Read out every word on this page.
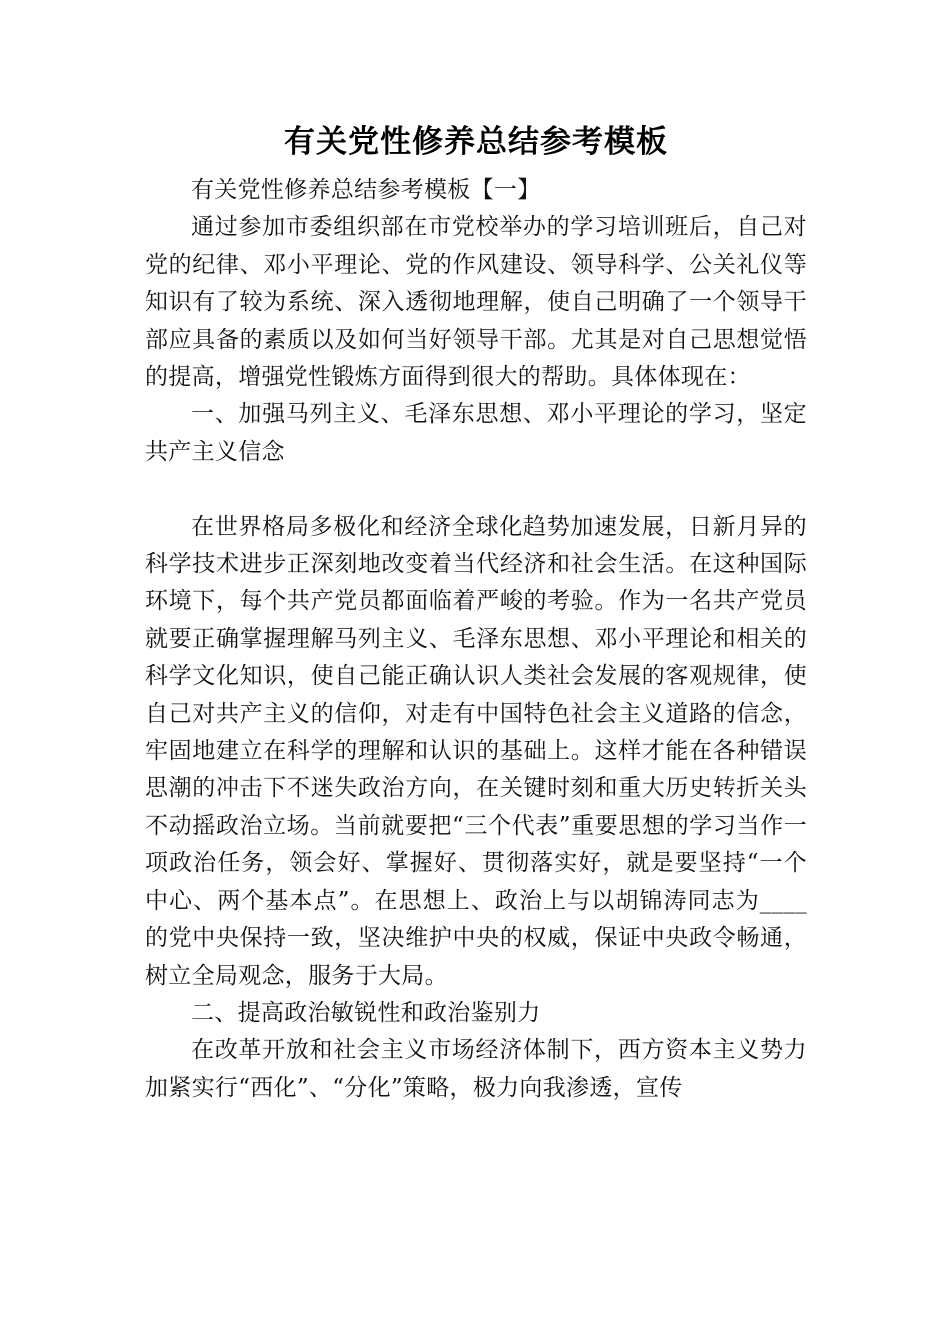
有关党性修养总结参考模板

有关党性修养总结参考模板【一】

通过参加市委组织部在市党校举办的学习培训班后，自己对党的纪律、邓小平理论、党的作风建设、领导科学、公关礼仪等知识有了较为系统、深入透彻地理解，使自己明确了一个领导干部应具备的素质以及如何当好领导干部。尤其是对自己思想觉悟的提高，增强党性锻炼方面得到很大的帮助。具体体现在：

一、加强马列主义、毛泽东思想、邓小平理论的学习，坚定共产主义信念

在世界格局多极化和经济全球化趋势加速发展，日新月异的科学技术进步正深刻地改变着当代经济和社会生活。在这种国际环境下，每个共产党员都面临着严峻的考验。作为一名共产党员就要正确掌握理解马列主义、毛泽东思想、邓小平理论和相关的科学文化知识，使自己能正确认识人类社会发展的客观规律，使自己对共产主义的信仰，对走有中国特色社会主义道路的信念，牢固地建立在科学的理解和认识的基础上。这样才能在各种错误思潮的冲击下不迷失政治方向，在关键时刻和重大历史转折关头不动摇政治立场。当前就要把“三个代表”重要思想的学习当作一项政治任务，领会好、掌握好、贯彻落实好，就是要坚持“一个中心、两个基本点”。在思想上、政治上与以胡锦涛同志为____的党中央保持一致，坚决维护中央的权威，保证中央政令畅通，树立全局观念，服务于大局。

二、提高政治敏锐性和政治鉴别力

在改革开放和社会主义市场经济体制下，西方资本主义势力加紧实行“西化”、“分化”策略，极力向我渗透，宣传
